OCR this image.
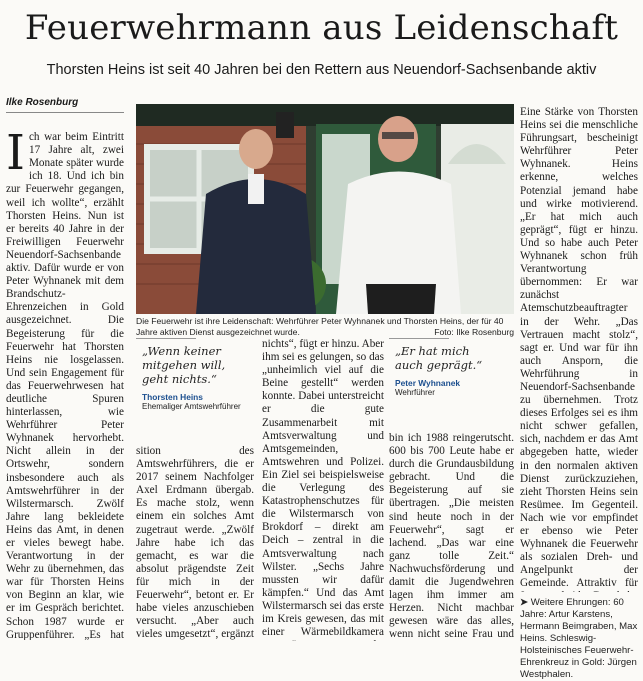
Feuerwehrmann aus Leidenschaft
Thorsten Heins ist seit 40 Jahren bei den Rettern aus Neuendorf-Sachsenbande aktiv
Ilke Rosenburg

Ich war beim Eintritt 17 Jahre alt, zwei Monate später wurde ich 18. Und ich bin zur Feuerwehr gegangen, weil ich wollte“, erzählt Thorsten Heins. Nun ist er bereits 40 Jahre in der Freiwilligen Feuerwehr Neuendorf-Sachsenbande aktiv. Dafür wurde er von Peter Wyhnanek mit dem Brandschutz-Ehrenzeichen in Gold ausgezeichnet. Die Begeisterung für die Feuerwehr hat Thorsten Heins nie losgelassen. Und sein Engagement für das Feuerwehrwesen hat deutliche Spuren hinterlassen, wie Wehrführer Peter Wyhnanek hervorhebt. Nicht allein in der Ortswehr, sondern insbesondere auch als Amtswehrführer in der Wilstermarsch. Zwölf Jahre lang bekleidete Heins das Amt, in denen er vieles bewegt habe. Verantwortung in der Wehr zu übernehmen, das war für Thorsten Heins von Beginn an klar, wie er im Gespräch berichtet. Schon 1987 wurde er Gruppenführer. „Es hat

Die Feuerwehr ist ihre Leidenschaft: Wehrführer Peter Wyhnanek und Thorsten Heins, der für 40 Jahre aktiven Dienst ausgezeichnet wurde.	Foto: Ilke Rosenburg
„Wenn keiner mitgehen will, geht nichts.“
Thorsten Heins
Ehemaliger Amtswehrführer
„Er hat mich auch geprägt.“
Peter Wyhnanek
Wehrführer
sition des Amtswehrführers, die er 2017 seinem Nachfolger Axel Erdmann übergab. Es mache stolz, wenn einem ein solches Amt zugetraut werde. „Zwölf Jahre habe ich das gemacht, es war die absolut prägendste Zeit für mich in der Feuerwehr“, betont er. Er habe vieles anzuschieben versucht. „Aber auch vieles umgesetzt“, ergänzt
nichts“, fügt er hinzu. Aber ihm sei es gelungen, so das „unheimlich viel auf die Beine gestellt“ werden konnte. Dabei unterstreicht er die gute Zusammenarbeit mit Amtsverwaltung und Amtsgemeinden, Amtswehren und Polizei. Ein Ziel sei beispielsweise die Verlegung des Katastrophenschutzes für die Wilstermarsch von Brokdorf – direkt am Deich – zentral in die Amtsverwaltung nach Wilster. „Sechs Jahre mussten wir dafür kämpfen.“ Und das Amt Wilstermarsch sei das erste im Kreis gewesen, das mit einer Wärmebildkamera
bin ich 1988 reingerutscht. 600 bis 700 Leute habe er durch die Grundausbildung gebracht. Und die Begeisterung auf sie übertragen. „Die meisten sind heute noch in der Feuerwehr“, sagt er lachend. „Das war eine ganz tolle Zeit.“ Nachwuchsförderung und damit die Jugendwehren lagen ihm immer am Herzen. Nicht machbar gewesen wäre das alles, wenn nicht seine Frau und
Eine Stärke von Thorsten Heins sei die menschliche Führungsart, bescheinigt Wehrführer Peter Wyhnanek. Heins erkenne, welches Potenzial jemand habe und wirke motivierend. „Er hat mich auch geprägt“, fügt er hinzu. Und so habe auch Peter Wyhnanek schon früh Verantwortung übernommen: Er war zunächst Atemschutzbeauftragter in der Wehr. „Das Vertrauen macht stolz“, sagt er. Und war für ihn auch Ansporn, die Wehrführung in Neuendorf-Sachsenbande zu übernehmen. Trotz dieses Erfolges sei es ihm nicht schwer gefallen, sich, nachdem er das Amt abgegeben hatte, wieder in den normalen aktiven Dienst zurückzuziehen, zieht Thorsten Heins sein Resümee. Im Gegenteil. Nach wie vor empfindet er ebenso wie Peter Wyhnanek die Feuerwehr als sozialen Dreh- und Angelpunkt der Gemeinde. Attraktiv für
➤ Weitere Ehrungen: 60 Jahre: Artur Karstens, Hermann Beimgraben, Max Heins. Schleswig-Holsteinisches Feuerwehr-Ehrenkreuz in Gold: Jürgen Westphalen.
